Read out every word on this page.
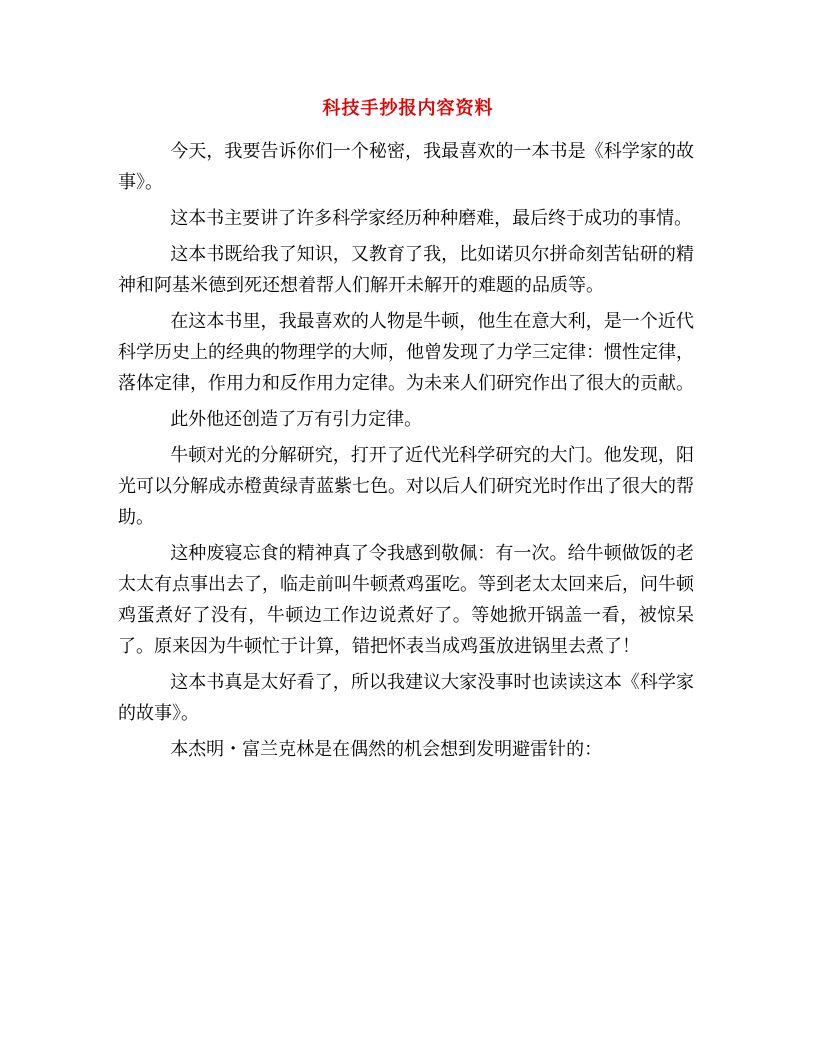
科技手抄报内容资料

今天，我要告诉你们一个秘密，我最喜欢的一本书是《科学家的故事》。

这本书主要讲了许多科学家经历种种磨难，最后终于成功的事情。

这本书既给我了知识，又教育了我，比如诺贝尔拼命刻苦钻研的精神和阿基米德到死还想着帮人们解开未解开的难题的品质等。

在这本书里，我最喜欢的人物是牛顿，他生在意大利，是一个近代科学历史上的经典的物理学的大师，他曾发现了力学三定律：惯性定律，落体定律，作用力和反作用力定律。为未来人们研究作出了很大的贡献。

此外他还创造了万有引力定律。

牛顿对光的分解研究，打开了近代光科学研究的大门。他发现，阳光可以分解成赤橙黄绿青蓝紫七色。对以后人们研究光时作出了很大的帮助。

这种废寝忘食的精神真了令我感到敬佩：有一次。给牛顿做饭的老太太有点事出去了，临走前叫牛顿煮鸡蛋吃。等到老太太回来后，问牛顿鸡蛋煮好了没有，牛顿边工作边说煮好了。等她掀开锅盖一看，被惊呆了。原来因为牛顿忙于计算，错把怀表当成鸡蛋放进锅里去煮了！

这本书真是太好看了，所以我建议大家没事时也读读这本《科学家的故事》。

本杰明・富兰克林是在偶然的机会想到发明避雷针的：
